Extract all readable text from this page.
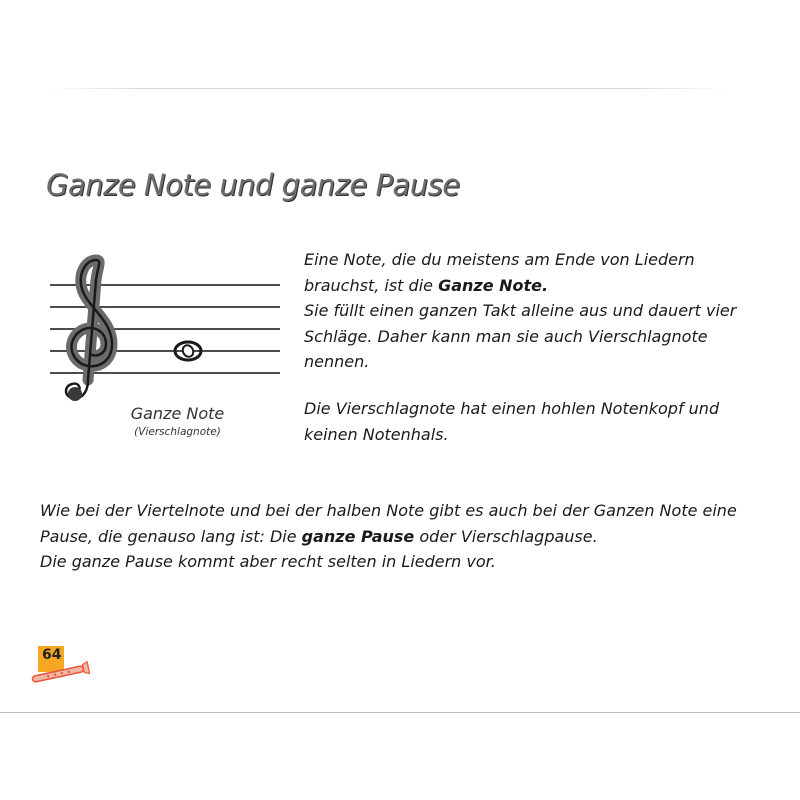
Ganze Note und ganze Pause
Ganze Note
(Vierschlagnote)

Eine Note, die du meistens am Ende von Liedern brauchst, ist die Ganze Note.

Sie füllt einen ganzen Takt alleine aus und dauert vier Schläge. Daher kann man sie auch Vierschlagnote nennen.

Die Vierschlagnote hat einen hohlen Notenkopf und keinen Notenhals.

Wie bei der Viertelnote und bei der halben Note gibt es auch bei der Ganzen Note eine Pause, die genauso lang ist: Die ganze Pause oder Vierschlagpause.

Die ganze Pause kommt aber recht selten in Liedern vor.

64
